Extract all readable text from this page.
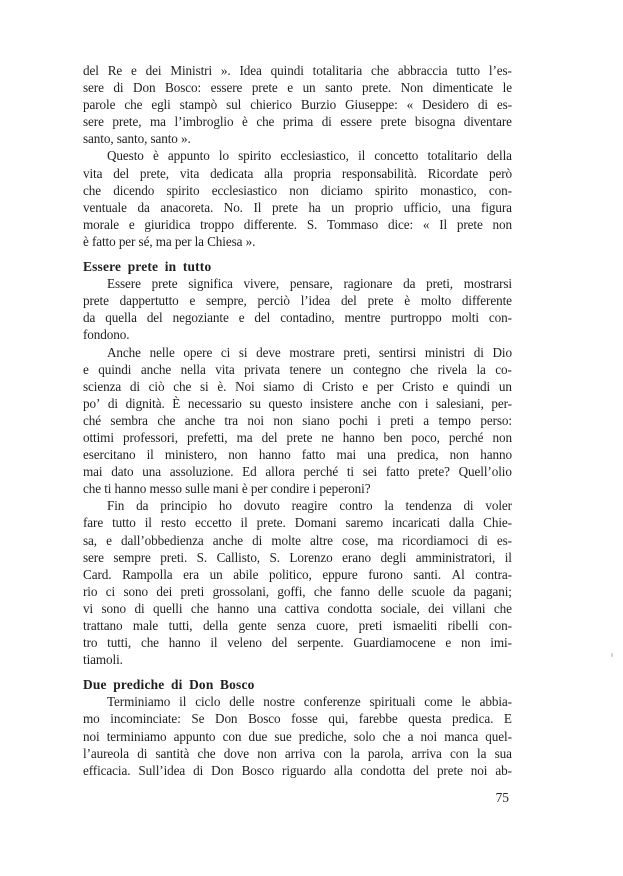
del Re e dei Ministri ». Idea quindi totalitaria che abbraccia tutto l’es-
sere di Don Bosco: essere prete e un santo prete. Non dimenticate le
parole che egli stampò sul chierico Burzio Giuseppe: « Desidero di es-
sere prete, ma l’imbroglio è che prima di essere prete bisogna diventare
santo, santo, santo ».
Questo è appunto lo spirito ecclesiastico, il concetto totalitario della
vita del prete, vita dedicata alla propria responsabilità. Ricordate però
che dicendo spirito ecclesiastico non diciamo spirito monastico, con-
ventuale da anacoreta. No. Il prete ha un proprio ufficio, una figura
morale e giuridica troppo differente. S. Tommaso dice: « Il prete non
è fatto per sé, ma per la Chiesa ».
Essere prete in tutto
Essere prete significa vivere, pensare, ragionare da preti, mostrarsi
prete dappertutto e sempre, perciò l’idea del prete è molto differente
da quella del negoziante e del contadino, mentre purtroppo molti con-
fondono.
Anche nelle opere ci si deve mostrare preti, sentirsi ministri di Dio
e quindi anche nella vita privata tenere un contegno che rivela la co-
scienza di ciò che si è. Noi siamo di Cristo e per Cristo e quindi un
po’ di dignità. È necessario su questo insistere anche con i salesiani, per-
ché sembra che anche tra noi non siano pochi i preti a tempo perso:
ottimi professori, prefetti, ma del prete ne hanno ben poco, perché non
esercitano il ministero, non hanno fatto mai una predica, non hanno
mai dato una assoluzione. Ed allora perché ti sei fatto prete? Quell’olio
che ti hanno messo sulle mani è per condire i peperoni?
Fin da principio ho dovuto reagire contro la tendenza di voler
fare tutto il resto eccetto il prete. Domani saremo incaricati dalla Chie-
sa, e dall’obbedienza anche di molte altre cose, ma ricordiamoci di es-
sere sempre preti. S. Callisto, S. Lorenzo erano degli amministratori, il
Card. Rampolla era un abile politico, eppure furono santi. Al contra-
rio ci sono dei preti grossolani, goffi, che fanno delle scuole da pagani;
vi sono di quelli che hanno una cattiva condotta sociale, dei villani che
trattano male tutti, della gente senza cuore, preti ismaeliti ribelli con-
tro tutti, che hanno il veleno del serpente. Guardiamocene e non imi-
tiamoli.
Due prediche di Don Bosco
Terminiamo il ciclo delle nostre conferenze spirituali come le abbia-
mo incominciate: Se Don Bosco fosse qui, farebbe questa predica. E
noi terminiamo appunto con due sue prediche, solo che a noi manca quel-
l’aureola di santità che dove non arriva con la parola, arriva con la sua
efficacia. Sull’idea di Don Bosco riguardo alla condotta del prete noi ab-
75
